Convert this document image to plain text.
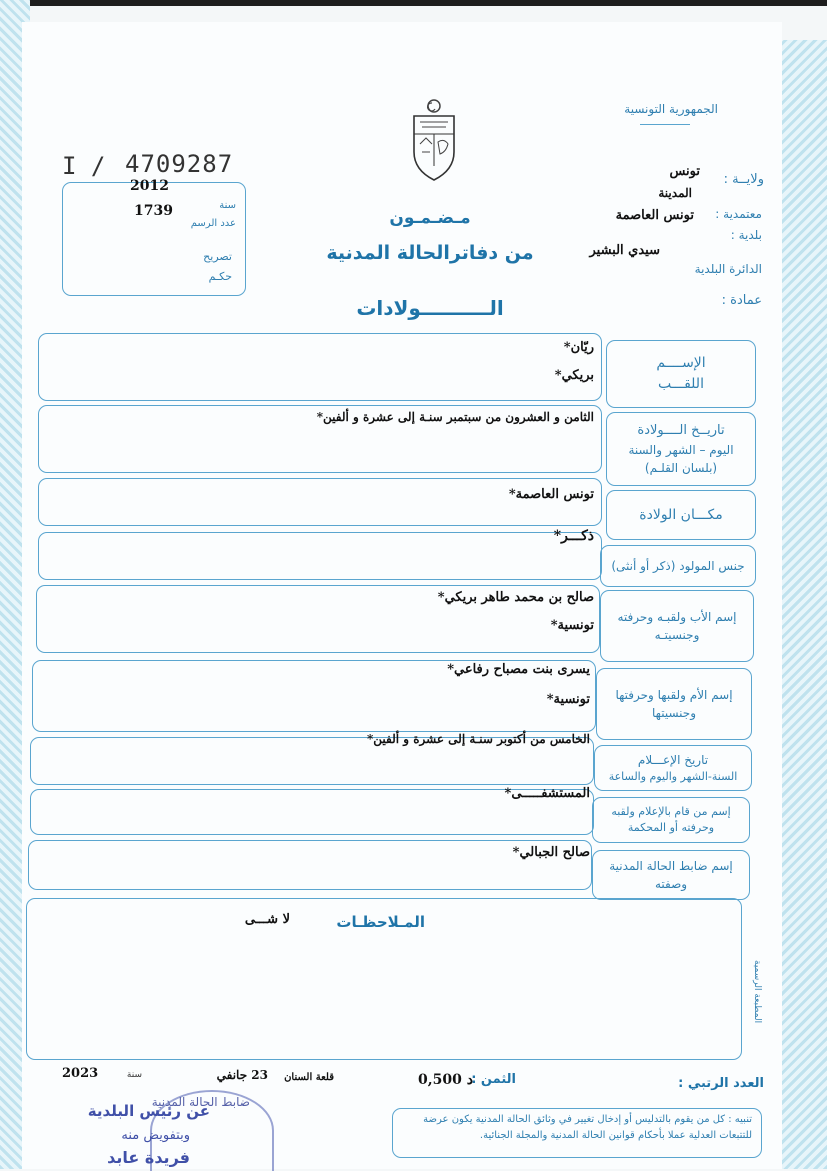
I / 4709287
2012
1739	سنة
عدد الرسم
تصريح
حكـم
الجمهورية التونسية
ولايــة :
تونس
المدينة
معتمدية :
تونس العاصمة
بلدية :
سيدي البشير
الدائرة البلدية
عمادة :
مـضـمـون
من دفاترالحالة المدنية
الــــــــــولادات
الإســــم
اللقـــب
ريّان*
بريكي*
تاريــخ الــــولادة
اليوم – الشهر والسنة
(بلسان القلـم)
الثامن و العشرون من سبتمبر سنـة إلى عشرة و ألفين*
مكـــان الولادة
تونس العاصمة*
جنس المولود (ذكر أو أنثى)
ذكـــر*
إسم الأب ولقبـه وحرفته
وجنسيتـه
صالح بن محمد طاهر بريكي*
تونسية*
إسم الأم ولقبها وحرفتها
وجنسيتها
يسرى بنت مصباح رفاعي*
تونسية*
تاريخ الإعـــلام
السنة-الشهر واليوم والساعة
الخامس من أكتوبر سنـة إلى عشرة و ألفين*
إسم من قام بالإعلام ولقبه
وحرفته أو المحكمة
المستشفـــــى*
إسم ضابط الحالة المدنية
وصفته
صالح الجبالي*
المـلاحظـات
لا شـــى
المطبعة الرسمية
العدد الرتبي :
الثمن :
0,500 د
قلعة السنان
23 جانفي
سنة
2023
ضابط الحالة المدنية
عن رئيس البلدية
وبتفويض منه
فريدة عابد
تنبيه : كل من يقوم بالتدليس أو إدخال تغيير في وثائق الحالة المدنية يكون عرضة للتتبعات العدلية عملا بأحكام قوانين الحالة المدنية والمجلة الجنائية.
